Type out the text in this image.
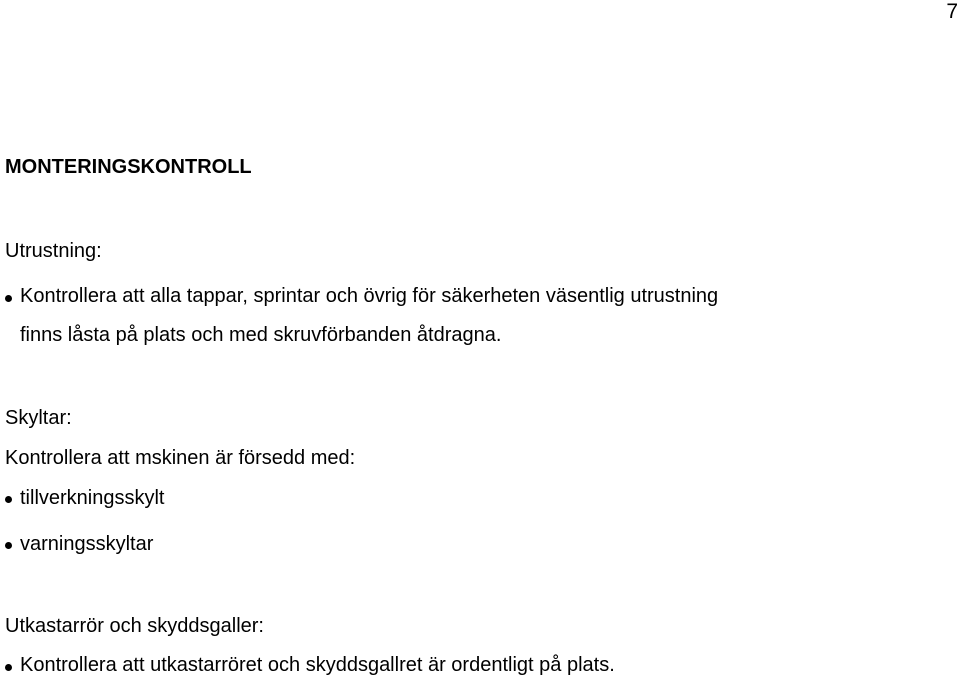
7
MONTERINGSKONTROLL
Utrustning:
Kontrollera att alla tappar, sprintar och övrig för säkerheten väsentlig utrustning
finns låsta på plats och med skruvförbanden åtdragna.
Skyltar:
Kontrollera att mskinen är försedd med:
tillverkningsskylt
varningsskyltar
Utkastarrör och skyddsgaller:
Kontrollera att utkastarröret och skyddsgallret är ordentligt på plats.
